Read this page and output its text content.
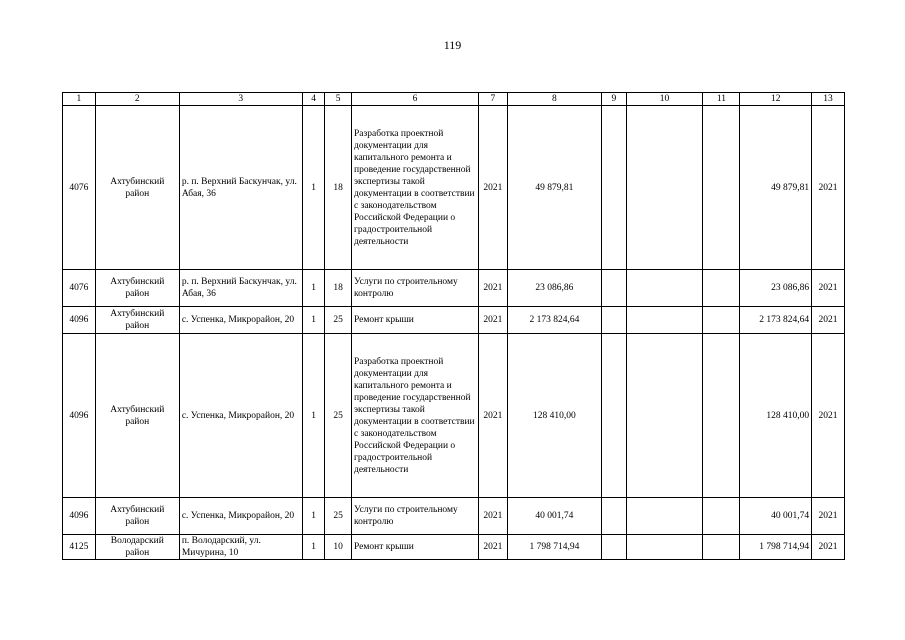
119
1	2	3	4	5	6	7	8	9	10	11	12	13
4076	Ахтубинский район	р. п. Верхний Баскунчак, ул. Абая, 36	1	18	Разработка проектной документации для капитального ремонта и проведение государственной экспертизы такой документации в соответствии с законодательством Российской Федерации о градостроительной деятельности	2021	49 879,81				49 879,81	2021
4076	Ахтубинский район	р. п. Верхний Баскунчак, ул. Абая, 36	1	18	Услуги по строительному контролю	2021	23 086,86				23 086,86	2021
4096	Ахтубинский район	с. Успенка, Микрорайон, 20	1	25	Ремонт крыши	2021	2 173 824,64				2 173 824,64	2021
4096	Ахтубинский район	с. Успенка, Микрорайон, 20	1	25	Разработка проектной документации для капитального ремонта и проведение государственной экспертизы такой документации в соответствии с законодательством Российской Федерации о градостроительной деятельности	2021	128 410,00				128 410,00	2021
4096	Ахтубинский район	с. Успенка, Микрорайон, 20	1	25	Услуги по строительному контролю	2021	40 001,74				40 001,74	2021
4125	Володарский район	п. Володарский, ул. Мичурина, 10	1	10	Ремонт крыши	2021	1 798 714,94				1 798 714,94	2021
